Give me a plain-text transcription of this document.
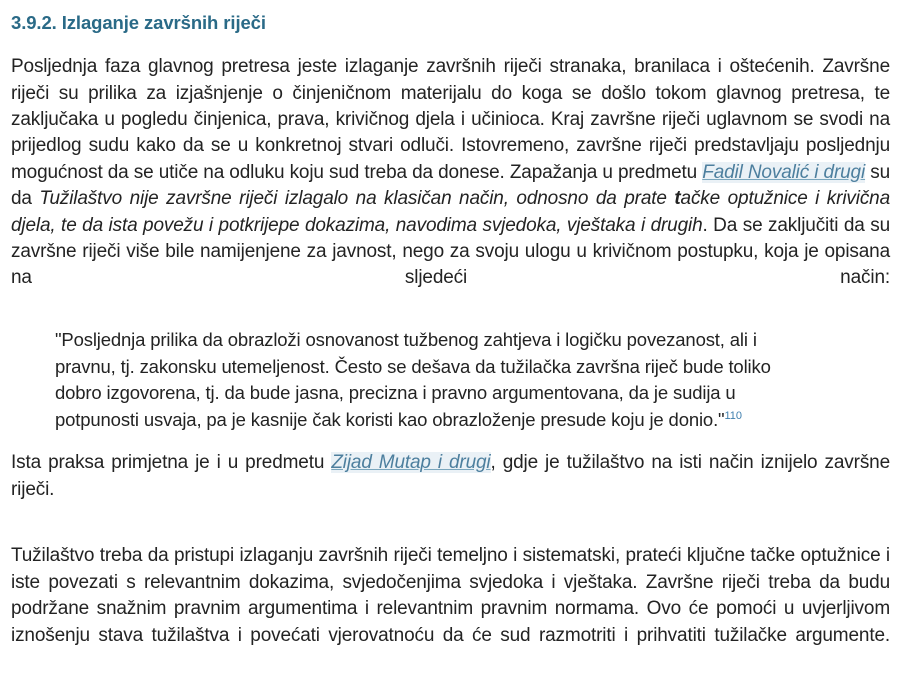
3.9.2. Izlaganje završnih riječi

Posljednja faza glavnog pretresa jeste izlaganje završnih riječi stranaka, branilaca i oštećenih. Završne riječi su prilika za izjašnjenje o činjeničnom materijalu do koga se došlo tokom glavnog pretresa, te zaključaka u pogledu činjenica, prava, krivičnog djela i učinioca. Kraj završne riječi uglavnom se svodi na prijedlog sudu kako da se u konkretnoj stvari odluči. Istovremeno, završne riječi predstavljaju posljednju mogućnost da se utiče na odluku koju sud treba da donese. Zapažanja u predmetu Fadil Novalić i drugi su da Tužilaštvo nije završne riječi izlagalo na klasičan način, odnosno da prate tačke optužnice i krivična djela, te da ista povežu i potkrijepe dokazima, navodima svjedoka, vještaka i drugih. Da se zaključiti da su završne riječi više bile namijenjene za javnost, nego za svoju ulogu u krivičnom postupku, koja je opisana na sljedeći način:

"Posljednja prilika da obrazloži osnovanost tužbenog zahtjeva i logičku povezanost, ali i pravnu, tj. zakonsku utemeljenost. Često se dešava da tužilačka završna riječ bude toliko dobro izgovorena, tj. da bude jasna, precizna i pravno argumentovana, da je sudija u potpunosti usvaja, pa je kasnije čak koristi kao obrazloženje presude koju je donio."$^{110}$

Ista praksa primjetna je i u predmetu Zijad Mutap i drugi, gdje je tužilaštvo na isti način iznijelo završne riječi.

Tužilaštvo treba da pristupi izlaganju završnih riječi temeljno i sistematski, prateći ključne tačke optužnice i iste povezati s relevantnim dokazima, svjedočenjima svjedoka i vještaka. Završne riječi treba da budu podržane snažnim pravnim argumentima i relevantnim pravnim normama. Ovo će pomoći u uvjerljivom iznošenju stava tužilaštva i povećati vjerovatnoću da će sud razmotriti i prihvatiti tužilačke argumente.
